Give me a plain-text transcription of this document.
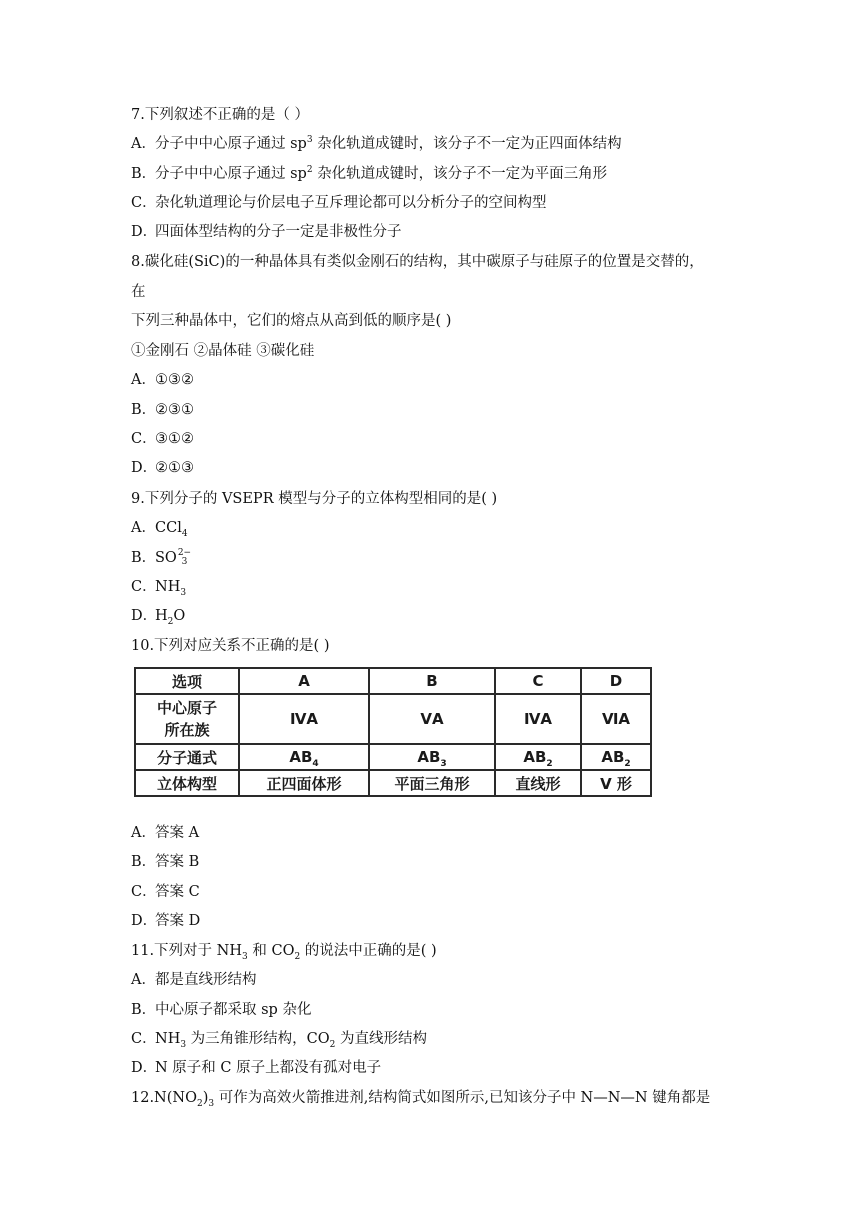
7.下列叙述不正确的是（ ）
A．分子中中心原子通过 $sp^3$ 杂化轨道成键时，该分子不一定为正四面体结构
B．分子中中心原子通过 $sp^2$ 杂化轨道成键时，该分子不一定为平面三角形
C．杂化轨道理论与价层电子互斥理论都可以分析分子的空间构型
D．四面体型结构的分子一定是非极性分子
8.碳化硅(SiC)的一种晶体具有类似金刚石的结构，其中碳原子与硅原子的位置是交替的，
在
下列三种晶体中，它们的熔点从高到低的顺序是( )
①金刚石 ②晶体硅 ③碳化硅
A．①③②
B．②③①
C．③①②
D．②①③
9.下列分子的 VSEPR 模型与分子的立体构型相同的是( )
A．CCl$_4$
B．SO 2−
3
C．$NH_3$
D．$H_2O$
10.下列对应关系不正确的是( )
选项	A	B	C	D

中心原子
所在族	ⅣA	ⅤA	ⅣA	ⅥA
分子通式	$AB_4$	$AB_3$	$AB_2$	$AB_2$
立体构型	正四面体形	平面三角形	直线形	V 形
A．答案 A
B．答案 B
C．答案 C
D．答案 D
11.下列对于 $NH_3$ 和 $CO_2$ 的说法中正确的是( )
A．都是直线形结构
B．中心原子都采取 sp 杂化
C．$NH_3$ 为三角锥形结构，$CO_2$ 为直线形结构
D．N 原子和 C 原子上都没有孤对电子
$12.N(NO_2)_3$ 可作为高效火箭推进剂,结构简式如图所示,已知该分子中 N—N—N 键角都是
